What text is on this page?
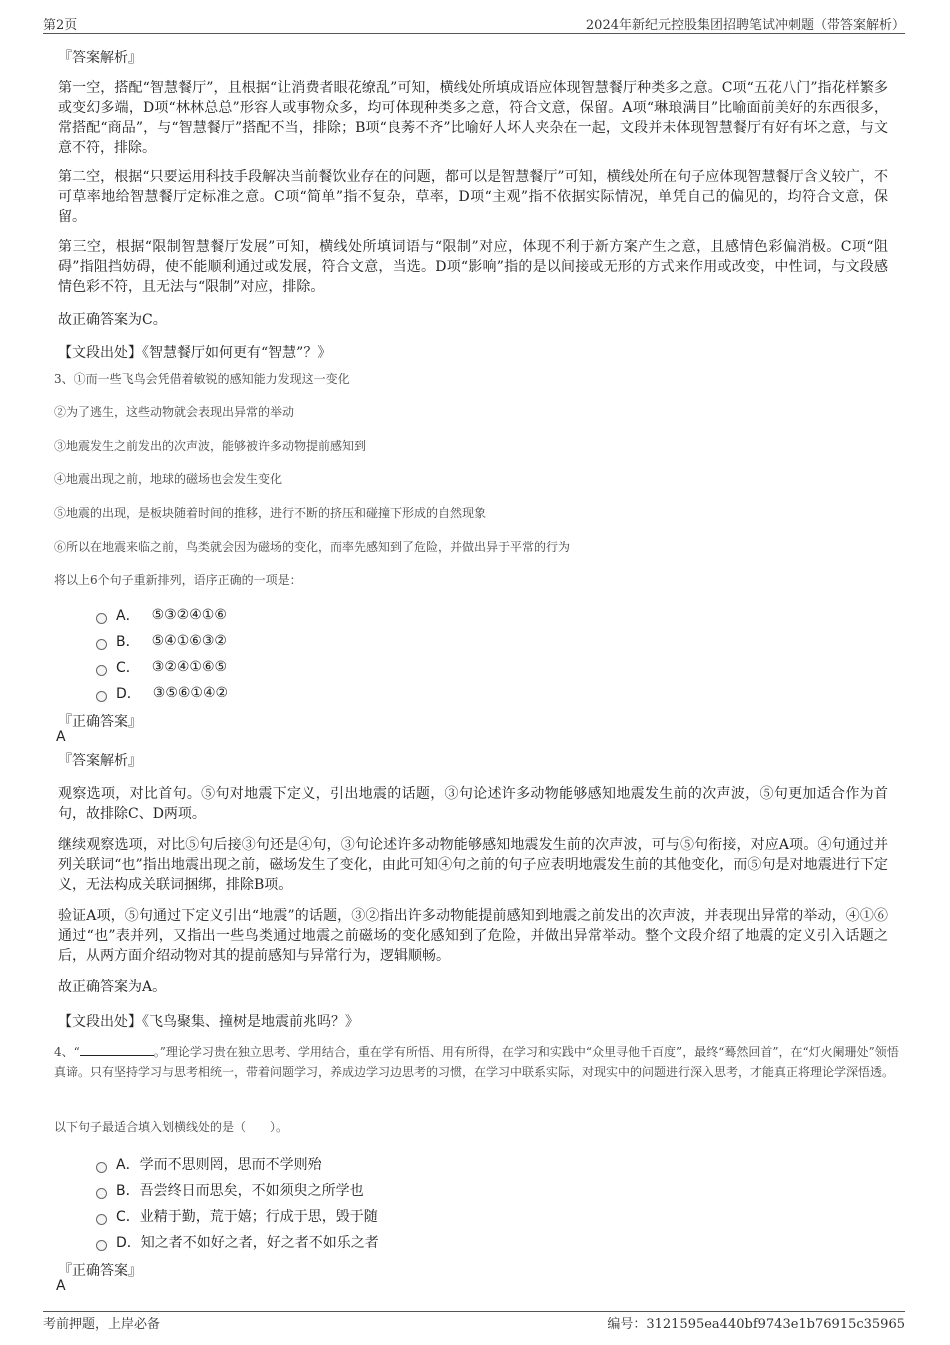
第2页	2024年新纪元控股集团招聘笔试冲刺题（带答案解析）
『答案解析』
第一空，搭配“智慧餐厅”，且根据“让消费者眼花缭乱”可知，横线处所填成语应体现智慧餐厅种类多之意。C项“五花八门”指花样繁多或变幻多端，D项“林林总总”形容人或事物众多，均可体现种类多之意，符合文意，保留。A项“琳琅满目”比喻面前美好的东西很多，常搭配“商品”，与“智慧餐厅”搭配不当，排除；B项“良莠不齐”比喻好人坏人夹杂在一起，文段并未体现智慧餐厅有好有坏之意，与文意不符，排除。
第二空，根据“只要运用科技手段解决当前餐饮业存在的问题，都可以是智慧餐厅”可知，横线处所在句子应体现智慧餐厅含义较广，不可草率地给智慧餐厅定标准之意。C项“简单”指不复杂，草率，D项“主观”指不依据实际情况，单凭自己的偏见的，均符合文意，保留。
第三空，根据“限制智慧餐厅发展”可知，横线处所填词语与“限制”对应，体现不利于新方案产生之意，且感情色彩偏消极。C项“阻碍”指阻挡妨碍，使不能顺利通过或发展，符合文意，当选。D项“影响”指的是以间接或无形的方式来作用或改变，中性词，与文段感情色彩不符，且无法与“限制”对应，排除。
故正确答案为C。
【文段出处】《智慧餐厅如何更有“智慧”？》
3、①而一些飞鸟会凭借着敏锐的感知能力发现这一变化
②为了逃生，这些动物就会表现出异常的举动
③地震发生之前发出的次声波，能够被许多动物提前感知到
④地震出现之前，地球的磁场也会发生变化
⑤地震的出现，是板块随着时间的推移，进行不断的挤压和碰撞下形成的自然现象
⑥所以在地震来临之前，鸟类就会因为磁场的变化，而率先感知到了危险，并做出异于平常的行为
将以上6个句子重新排列，语序正确的一项是：
A． ⑤③②④①⑥
B． ⑤④①⑥③②
C． ③②④①⑥⑤
D． ③⑤⑥①④②
『正确答案』
A
『答案解析』
观察选项，对比首句。⑤句对地震下定义，引出地震的话题，③句论述许多动物能够感知地震发生前的次声波，⑤句更加适合作为首句，故排除C、D两项。
继续观察选项，对比⑤句后接③句还是④句，③句论述许多动物能够感知地震发生前的次声波，可与⑤句衔接，对应A项。④句通过并列关联词“也”指出地震出现之前，磁场发生了变化，由此可知④句之前的句子应表明地震发生前的其他变化，而⑤句是对地震进行下定义，无法构成关联词捆绑，排除B项。
验证A项，⑤句通过下定义引出“地震”的话题，③②指出许多动物能提前感知到地震之前发出的次声波，并表现出异常的举动，④①⑥通过“也”表并列，又指出一些鸟类通过地震之前磁场的变化感知到了危险，并做出异常举动。整个文段介绍了地震的定义引入话题之后，从两方面介绍动物对其的提前感知与异常行为，逻辑顺畅。
故正确答案为A。
【文段出处】《飞鸟聚集、撞树是地震前兆吗？》
4、“	。”理论学习贵在独立思考、学用结合，重在学有所悟、用有所得，在学习和实践中“众里寻他千百度”，最终“蓦然回首”，在“灯火阑珊处”领悟真谛。只有坚持学习与思考相统一，带着问题学习，养成边学习边思考的习惯，在学习中联系实际，对现实中的问题进行深入思考，才能真正将理论学深悟透。
以下句子最适合填入划横线处的是（　　）。
A． 学而不思则罔，思而不学则殆
B． 吾尝终日而思矣，不如须臾之所学也
C． 业精于勤，荒于嬉；行成于思，毁于随
D． 知之者不如好之者，好之者不如乐之者
『正确答案』
A
考前押题，上岸必备	编号：3121595ea440bf9743e1b76915c35965
